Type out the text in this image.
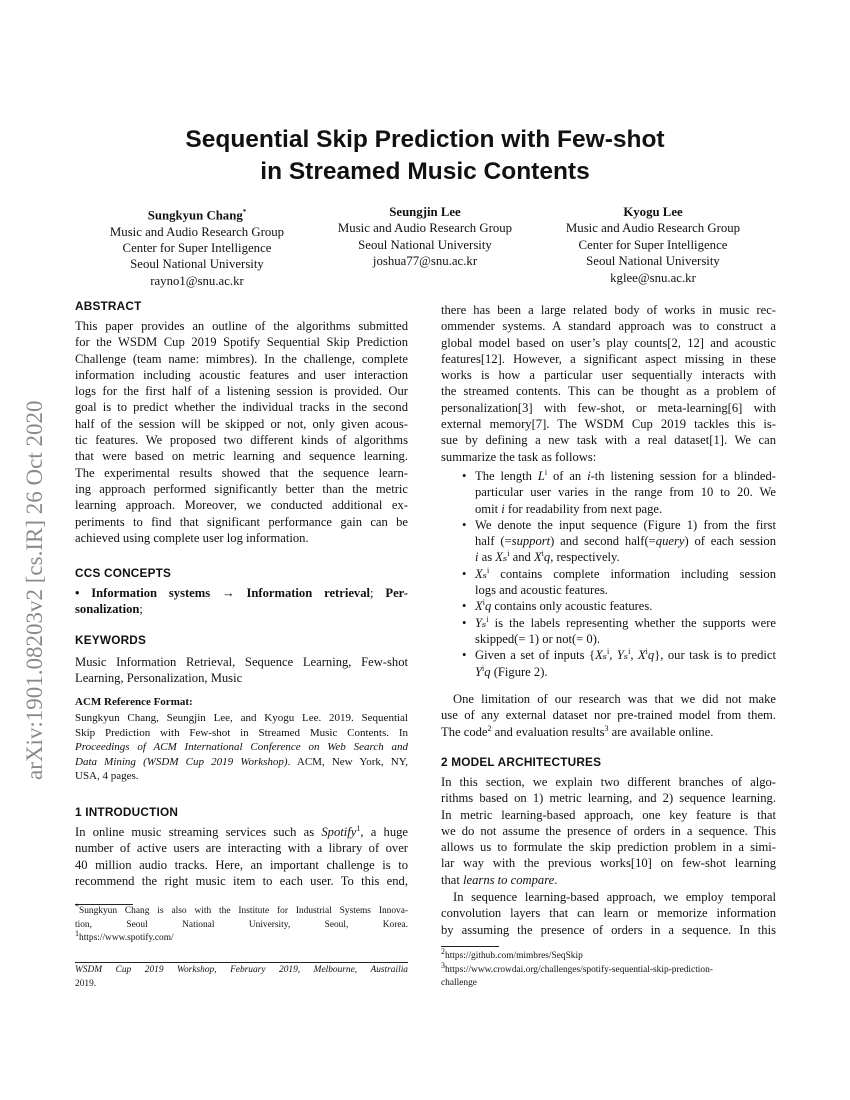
Sequential Skip Prediction with Few-shot
in Streamed Music Contents
Sungkyun Chang*
Music and Audio Research Group
Center for Super Intelligence
Seoul National University
rayno1@snu.ac.kr
Seungjin Lee
Music and Audio Research Group
Seoul National University
joshua77@snu.ac.kr
Kyogu Lee
Music and Audio Research Group
Center for Super Intelligence
Seoul National University
kglee@snu.ac.kr
arXiv:1901.08203v2 [cs.IR] 26 Oct 2020
ABSTRACT
This paper provides an outline of the algorithms submitted
for the WSDM Cup 2019 Spotify Sequential Skip Prediction
Challenge (team name: mimbres). In the challenge, complete
information including acoustic features and user interaction
logs for the first half of a listening session is provided. Our
goal is to predict whether the individual tracks in the second
half of the session will be skipped or not, only given acous-
tic features. We proposed two different kinds of algorithms
that were based on metric learning and sequence learning.
The experimental results showed that the sequence learn-
ing approach performed significantly better than the metric
learning approach. Moreover, we conducted additional ex-
periments to find that significant performance gain can be
achieved using complete user log information.
CCS CONCEPTS
• Information systems → Information retrieval; Per-
sonalization;
KEYWORDS
Music Information Retrieval, Sequence Learning, Few-shot
Learning, Personalization, Music
ACM Reference Format:
Sungkyun Chang, Seungjin Lee, and Kyogu Lee. 2019. Sequential
Skip Prediction with Few-shot in Streamed Music Contents. In
Proceedings of ACM International Conference on Web Search and
Data Mining (WSDM Cup 2019 Workshop). ACM, New York, NY,
USA, 4 pages.
1 INTRODUCTION
In online music streaming services such as Spotify$^1$, a huge
number of active users are interacting with a library of over
40 million audio tracks. Here, an important challenge is to
recommend the right music item to each user. To this end,
*Sungkyun Chang is also with the Institute for Industrial Systems Innova-
tion, Seoul National University, Seoul, Korea.
1https://www.spotify.com/
WSDM Cup 2019 Workshop, February 2019, Melbourne, Austrailia
2019.
there has been a large related body of works in music rec-
ommender systems. A standard approach was to construct a
global model based on user’s play counts[2, 12] and acoustic
features[12]. However, a significant aspect missing in these
works is how a particular user sequentially interacts with
the streamed contents. This can be thought as a problem of
personalization[3] with few-shot, or meta-learning[6] with
external memory[7]. The WSDM Cup 2019 tackles this is-
sue by defining a new task with a real dataset[1]. We can
summarize the task as follows:
• The length $L^i$ of an i-th listening session for a blinded-
particular user varies in the range from 10 to 20. We
omit i for readability from next page.
• We denote the input sequence (Figure 1) from the first
half (=support) and second half(=query) of each session
i as Xₛ$^i$ and $X^iq$, respectively.
• Xₛ$^i$ contains complete information including session
logs and acoustic features.
• $X^iq$ contains only acoustic features.
• Yₛ$^i$ is the labels representing whether the supports were
skipped(= 1) or not(= 0).
• Given a set of inputs {Xₛ$^i$, Yₛ$^i$, $X^iq$}, our task is to predict
$Y^iq$ (Figure 2).
One limitation of our research was that we did not make
use of any external dataset nor pre-trained model from them.
The code$^2$ and evaluation results$^3$ are available online.
2 MODEL ARCHITECTURES
In this section, we explain two different branches of algo-
rithms based on 1) metric learning, and 2) sequence learning.
In metric learning-based approach, one key feature is that
we do not assume the presence of orders in a sequence. This
allows us to formulate the skip prediction problem in a simi-
lar way with the previous works[10] on few-shot learning
that learns to compare.
In sequence learning-based approach, we employ temporal
convolution layers that can learn or memorize information
by assuming the presence of orders in a sequence. In this
2https://github.com/mimbres/SeqSkip
3https://www.crowdai.org/challenges/spotify-sequential-skip-prediction-
challenge
